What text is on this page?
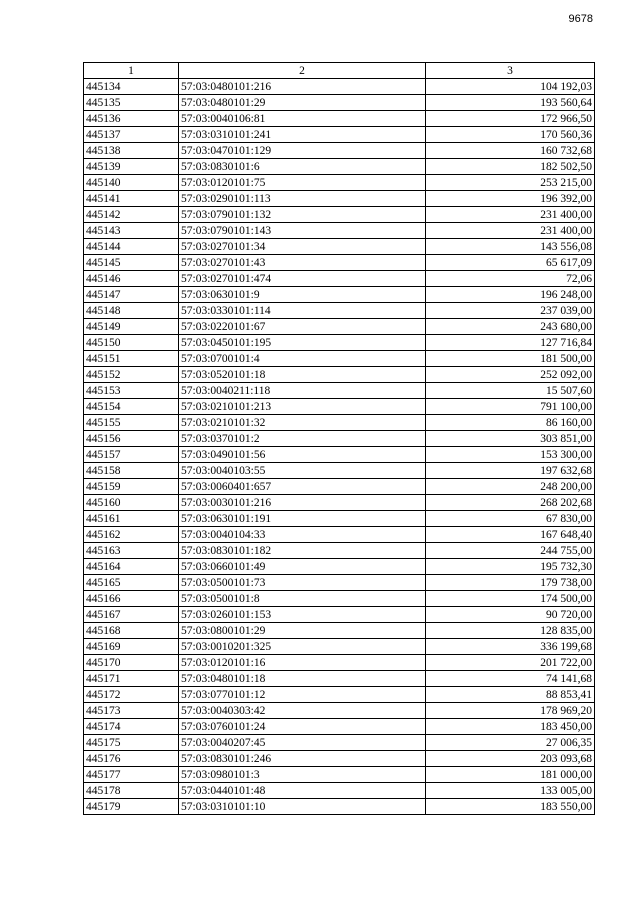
9678
1	2	3
445134	57:03:0480101:216	104 192,03
445135	57:03:0480101:29	193 560,64
445136	57:03:0040106:81	172 966,50
445137	57:03:0310101:241	170 560,36
445138	57:03:0470101:129	160 732,68
445139	57:03:0830101:6	182 502,50
445140	57:03:0120101:75	253 215,00
445141	57:03:0290101:113	196 392,00
445142	57:03:0790101:132	231 400,00
445143	57:03:0790101:143	231 400,00
445144	57:03:0270101:34	143 556,08
445145	57:03:0270101:43	65 617,09
445146	57:03:0270101:474	72,06
445147	57:03:0630101:9	196 248,00
445148	57:03:0330101:114	237 039,00
445149	57:03:0220101:67	243 680,00
445150	57:03:0450101:195	127 716,84
445151	57:03:0700101:4	181 500,00
445152	57:03:0520101:18	252 092,00
445153	57:03:0040211:118	15 507,60
445154	57:03:0210101:213	791 100,00
445155	57:03:0210101:32	86 160,00
445156	57:03:0370101:2	303 851,00
445157	57:03:0490101:56	153 300,00
445158	57:03:0040103:55	197 632,68
445159	57:03:0060401:657	248 200,00
445160	57:03:0030101:216	268 202,68
445161	57:03:0630101:191	67 830,00
445162	57:03:0040104:33	167 648,40
445163	57:03:0830101:182	244 755,00
445164	57:03:0660101:49	195 732,30
445165	57:03:0500101:73	179 738,00
445166	57:03:0500101:8	174 500,00
445167	57:03:0260101:153	90 720,00
445168	57:03:0800101:29	128 835,00
445169	57:03:0010201:325	336 199,68
445170	57:03:0120101:16	201 722,00
445171	57:03:0480101:18	74 141,68
445172	57:03:0770101:12	88 853,41
445173	57:03:0040303:42	178 969,20
445174	57:03:0760101:24	183 450,00
445175	57:03:0040207:45	27 006,35
445176	57:03:0830101:246	203 093,68
445177	57:03:0980101:3	181 000,00
445178	57:03:0440101:48	133 005,00
445179	57:03:0310101:10	183 550,00
